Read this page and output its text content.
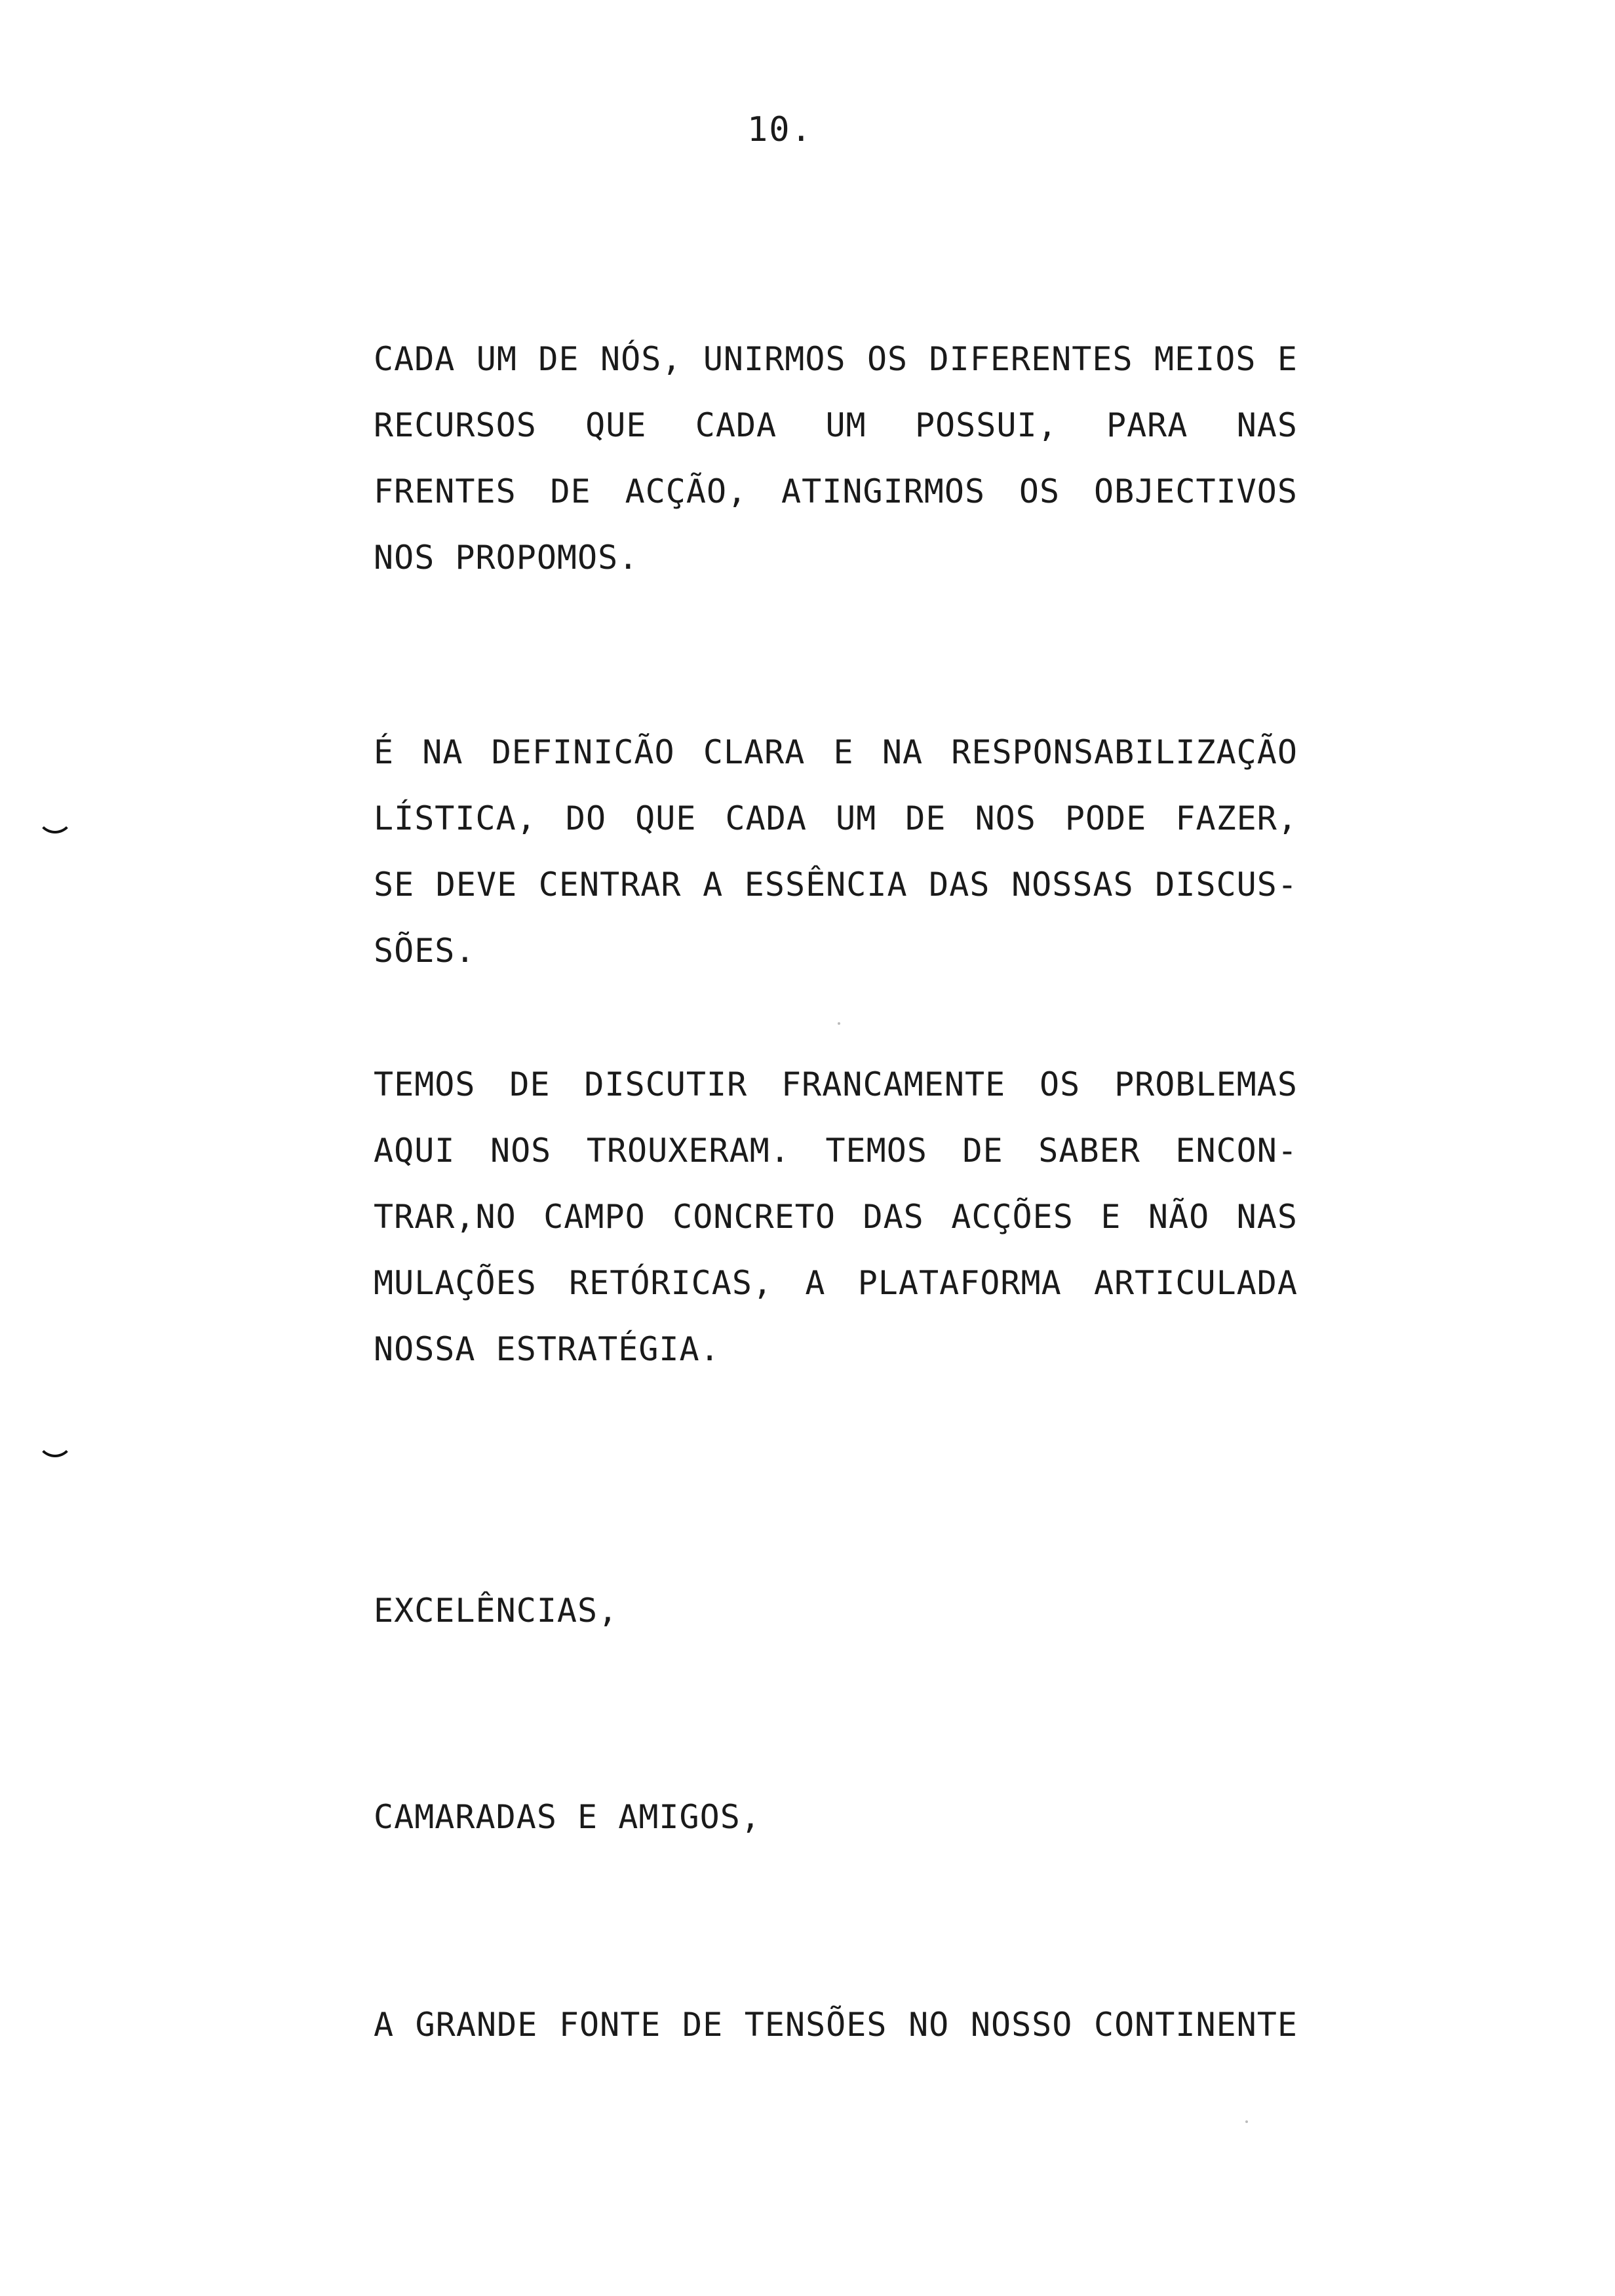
10.
CADA UM DE NÓS, UNIRMOS OS DIFERENTES MEIOS E
RECURSOS QUE CADA UM POSSUI, PARA NAS
FRENTES DE ACÇÃO, ATINGIRMOS OS OBJECTIVOS
NOS PROPOMOS.
É NA DEFINICÃO CLARA E NA RESPONSABILIZAÇÃO
LÍSTICA, DO QUE CADA UM DE NOS PODE FAZER,
SE DEVE CENTRAR A ESSÊNCIA DAS NOSSAS DISCUS-
SÕES.
TEMOS DE DISCUTIR FRANCAMENTE OS PROBLEMAS
AQUI NOS TROUXERAM. TEMOS DE SABER ENCON-
TRAR,NO CAMPO CONCRETO DAS ACÇÕES E NÃO NAS
MULAÇÕES RETÓRICAS, A PLATAFORMA ARTICULADA
NOSSA ESTRATÉGIA.
EXCELÊNCIAS,
CAMARADAS E AMIGOS,
A GRANDE FONTE DE TENSÕES NO NOSSO CONTINENTE
